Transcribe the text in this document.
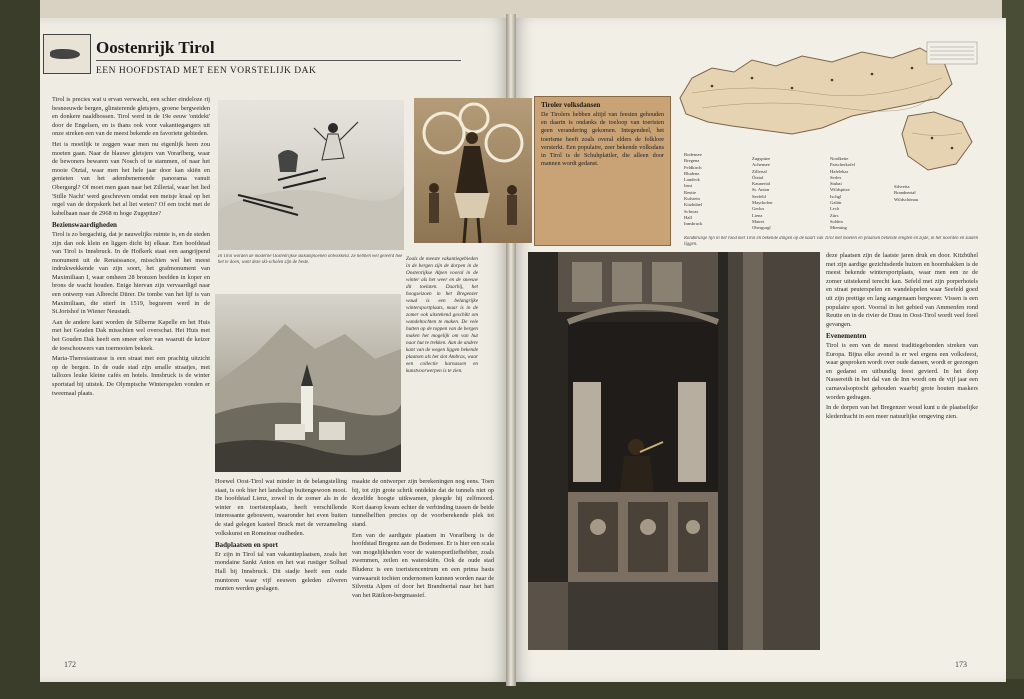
Oostenrijk Tirol
EEN HOOFDSTAD MET EEN VORSTELIJK DAK

Tirol is precies wat u ervan verwacht, een schier eindeloze rij besneeuwde bergen, glinsterende gletsjers, groene bergweiden en donkere naaldbossen. Tirol werd in de 19e eeuw 'ontdekt' door de Engelsen, en is thans ook voor vakantiegangers uit onze streken een van de meest bekende en favoriete gebieden.

Het is moeilijk te zeggen waar men nu eigenlijk heen zou moeten gaan. Naar de blauwe gletsjers van Vorarlberg, waar de bewoners bewaren van Nosch of te stammen, of naar het mooie Ötztal, waar men het hele jaar door kan skiën en genieten van het adembenemende panorama vanuit Obergurgl? Of moet men gaan naar het Zillertal, waar het lied 'Stille Nacht' werd geschreven omdat een meisje kraal op het orgel van de dorpskerk het al liet weten? Of een tocht met de kabelbaan naar de 2968 m hoge Zugspitze?

Bezienswaardigheden

Tirol is zo bergachtig, dat je nauwelijks ruimte is, en de steden zijn dan ook klein en liggen dicht bij elkaar. Een hoofdstad van Tirol is Innsbruck. In de Hofkerk staat een aangrijpend monument uit de Renaissance, misschien wel het meest indrukwekkende van zijn soort, het grafmonument van Maximiliaan I, waar omheen 28 bronzen beelden in koper en brons de wacht houden. Enige hiervan zijn vervaardigd naar een ontwerp van Albrecht Dürer. De tombe van het lijf is van Maximiliaan, die stierf in 1519, begraven werd in de St.Jorishof in Wiener Neustadt.

Aan de andere kant worden de Silberne Kapelle en het Huis met het Gouden Dak misschien wel overschat. Het Huis met het Gouden Dak heeft een smeer erker van waaruit de keizer de toeschouwers van toernooien bekeek.

Maria-Theresiastrasse is een straat met een prachtig uitzicht op de bergen. In de oude stad zijn smalle straatjes, met tallozes leuke kleine cafés en hotels. Innsbruck is de winter sportstad bij uitstek. De Olympische Winterspelen vonden er tweemaal plaats.

In Tirol worden de moderne Oostenrijkse skikampioenen ontwikkeld. Ze hebben wel geleerd hoe het te doen, want deze ski-scholen zijn de beste.

Zoals de meeste vakantiegebieden in de bergen zijn de dorpen in de Oostenrijkse Alpen vooral in de winter als het weer en de sneeuw dit toelaten. Daarbij, het hoogseizoen in het Bregenzer woud is een belangrijke wintersportplaats, maar is in de zomer ook uitstekend geschikt om wandeltochten te maken. De vele hutten op de toppen van de bergen maken het mogelijk om van hut naar hut te trekken. Aan de andere kant van de wegen liggen bekende plaatsen als het slot Ambras, waar een collectie harnassen en kunstvoorwerpen is te zien.

Hoewel Oost-Tirol wat minder in de belangstelling staat, is ook hier het landschap buitengewoon mooi. De hoofdstad Lienz, zowel in de zomer als in de winter en toeristenplaats, heeft verschillende interessante gebouwen, waaronder het even buiten de stad gelegen kasteel Bruck met de verzameling volkskunst en Romeinse oudheden.

Badplaatsen en sport

Er zijn in Tirol tal van vakantieplaatsen, zoals het mondaine Sankt Anton en het wat rustiger Solbad Hall bij Innsbruck. Dit stadje heeft een oude muntoren waar vijf eeuwen geleden zilveren munten werden geslagen.

maakte de ontwerper zijn berekeningen nog eens. Toen bij, tot zijn grote schrik ontdekte dat de tunnels niet op dezelfde hoogte uitkwamen, pleegde hij zelfmoord. Kort daarop kwam echter de verbinding tussen de beide tunnelhelften precies op de voorberekende plek tot stand.

Een van de aardigste plaatsen in Vorarlberg is de hoofdstad Bregenz aan de Bodensee. Er is hier een scala van mogelijkheden voor de watersportliefhebber, zoals zwemmen, zeilen en waterskiën. Ook de oude stad Bludenz is een toeristencentrum en een prima basis vanwaaruit tochten ondernomen kunnen worden naar de Silvretta Alpen of door het Brandnertal naar het hart van het Rätikon-bergmassief.

172
Tiroler volksdansen
De Tirolers hebben altijd van feesten gehouden en daarin is ondanks de toeloop van toeristen geen verandering gekomen. Integendeel, het toerisme heeft zoals overal elders de folklore versterkt. Een populaire, zeer bekende volksdans in Tirol is de Schuhplattler, die alleen door mannen wordt gedanst.
Bodensee
Bregenz
Feldkirch
Bludenz
Landeck
Imst
Reutte
Kufstein
Kitzbühel
Schwaz
Hall
Innsbruck
Zugspitze
Achensee
Zillertal
Ötztal
Kaunertal
St. Anton
Seefeld
Mayrhofen
Gerlos
Lienz
Matrei
Obergurgl
Nordkette
Patscherkofel
Hafelekar
Serles
Stubai
Wildspitze
Ischgl
Galtür
Lech
Zürs
Solden
Mieming
Silvretta
Brandnertal
Wildschönau
Rondkruisje lijn in het rood met Tirol en bekende dingen op de kaart van Tirol met moeten en plaatsen bekende lengten en zijde, in het noorden en zuiden liggen.

deze plaatsen zijn de laatste jaren druk en door. Kitzbühel met zijn aardige gezichtsderde huizen en hoornbakken is de meest bekende wintersportplaats, waar men een ze de zomer uitstekend terecht kan. Sefeld met zijn porperhotels en straat peuterspelen en wandelspelen waar Seefeld goed uit zijn prettige en lang aangenaam bergweer. Vissen is een populaire sport. Voorral in het gebied van Ammenfen rond Reutte en in de rivier de Drau in Oost-Tirol wordt veel forel gevangen.

Evenementen

Tirol is een van de meest traditiegebonden streken van Europa. Bijna elke avond is er wel ergens een volksfeest, waar gesproken wordt over oude dansen, wordt er gezongen en gedanst en uitbundig feest gevierd. In het dorp Nassereith in het dal van de Inn wordt om de vijf jaar een carnavalsoptocht gehouden waarbij grote houten maskers worden gedragen.

In de dorpen van het Bregenzer woud kunt u de plaatselijke klederdracht in een meer natuurlijke omgeving zien.

173
